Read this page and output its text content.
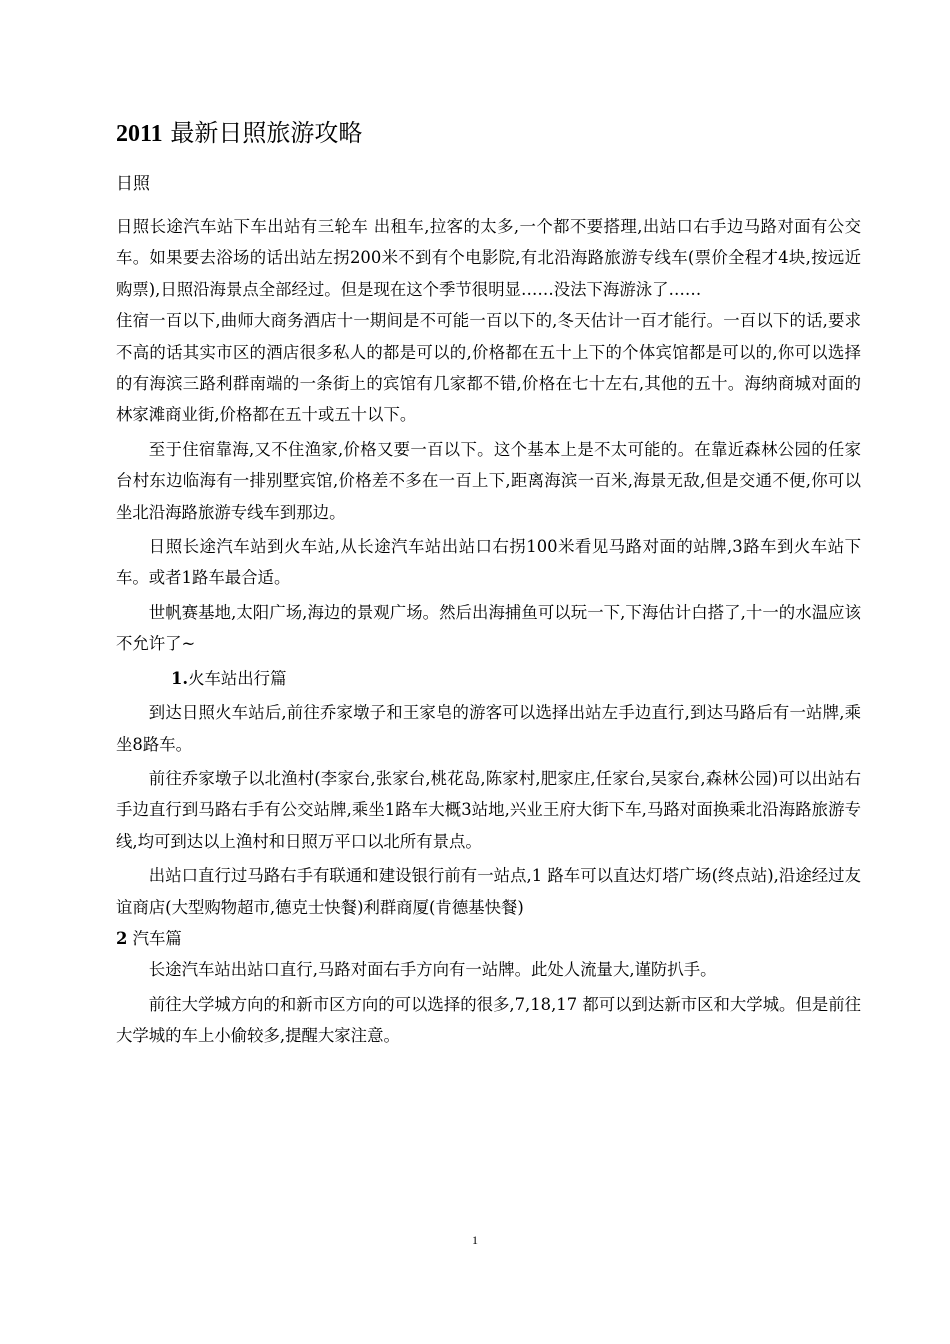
2011 最新日照旅游攻略
日照

日照长途汽车站下车出站有三轮车 出租车,拉客的太多,一个都不要搭理,出站口右手边马路对面有公交车。如果要去浴场的话出站左拐200米不到有个电影院,有北沿海路旅游专线车(票价全程才4块,按远近购票),日照沿海景点全部经过。但是现在这个季节很明显……没法下海游泳了……

住宿一百以下,曲师大商务酒店十一期间是不可能一百以下的,冬天估计一百才能行。一百以下的话,要求不高的话其实市区的酒店很多私人的都是可以的,价格都在五十上下的个体宾馆都是可以的,你可以选择的有海滨三路利群南端的一条街上的宾馆有几家都不错,价格在七十左右,其他的五十。海纳商城对面的林家滩商业街,价格都在五十或五十以下。

至于住宿靠海,又不住渔家,价格又要一百以下。这个基本上是不太可能的。在靠近森林公园的任家台村东边临海有一排别墅宾馆,价格差不多在一百上下,距离海滨一百米,海景无敌,但是交通不便,你可以坐北沿海路旅游专线车到那边。

日照长途汽车站到火车站,从长途汽车站出站口右拐100米看见马路对面的站牌,3路车到火车站下车。或者1路车最合适。

世帆赛基地,太阳广场,海边的景观广场。然后出海捕鱼可以玩一下,下海估计白搭了,十一的水温应该不允许了~

1.火车站出行篇

到达日照火车站后,前往乔家墩子和王家皂的游客可以选择出站左手边直行,到达马路后有一站牌,乘坐8路车。

前往乔家墩子以北渔村(李家台,张家台,桃花岛,陈家村,肥家庄,任家台,吴家台,森林公园)可以出站右手边直行到马路右手有公交站牌,乘坐1路车大概3站地,兴业王府大街下车,马路对面换乘北沿海路旅游专线,均可到达以上渔村和日照万平口以北所有景点。

出站口直行过马路右手有联通和建设银行前有一站点,1 路车可以直达灯塔广场(终点站),沿途经过友谊商店(大型购物超市,德克士快餐)利群商厦(肯德基快餐)

2 汽车篇

长途汽车站出站口直行,马路对面右手方向有一站牌。此处人流量大,谨防扒手。

前往大学城方向的和新市区方向的可以选择的很多,7,18,17 都可以到达新市区和大学城。但是前往大学城的车上小偷较多,提醒大家注意。

1
